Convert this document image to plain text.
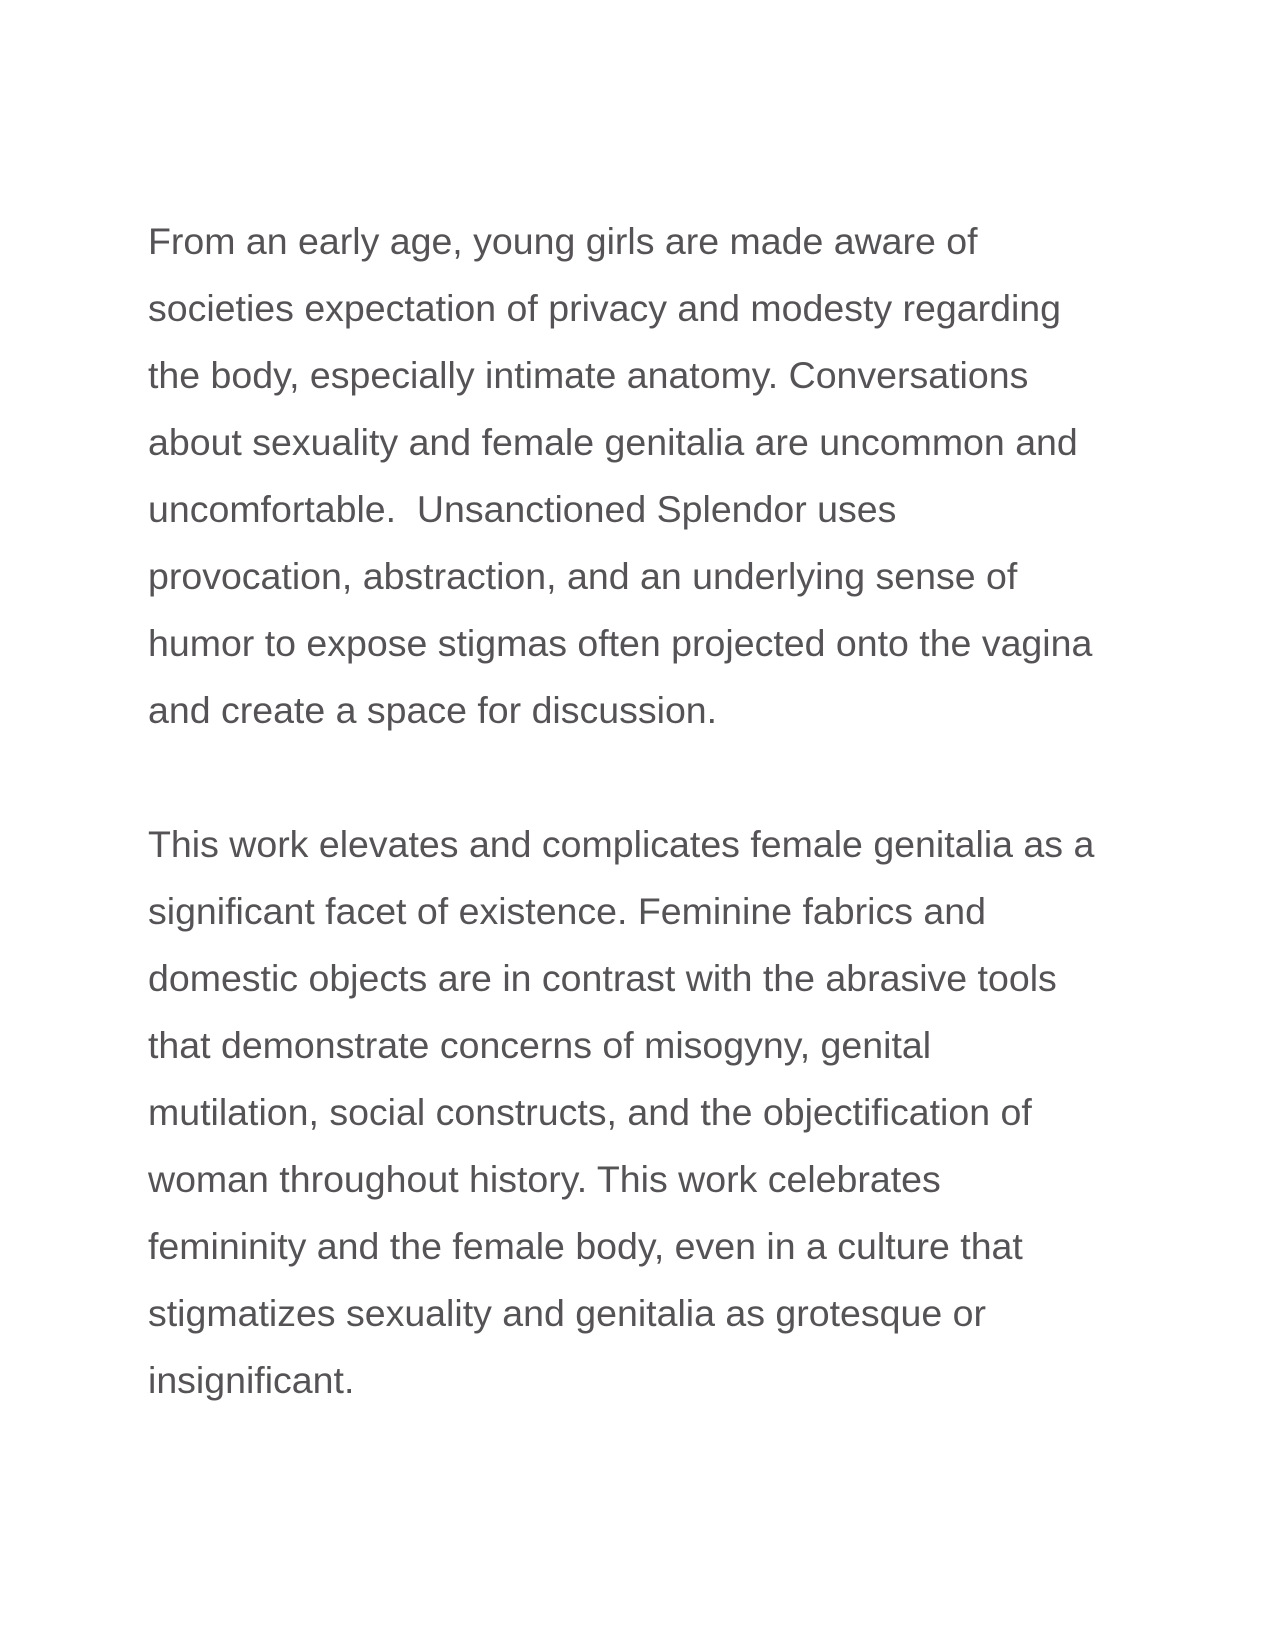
From an early age, young girls are made aware of
societies expectation of privacy and modesty regarding
the body, especially intimate anatomy. Conversations
about sexuality and female genitalia are uncommon and
uncomfortable.  Unsanctioned Splendor uses
provocation, abstraction, and an underlying sense of
humor to expose stigmas often projected onto the vagina
and create a space for discussion.
This work elevates and complicates female genitalia as a
significant facet of existence. Feminine fabrics and
domestic objects are in contrast with the abrasive tools
that demonstrate concerns of misogyny, genital
mutilation, social constructs, and the objectification of
woman throughout history. This work celebrates
femininity and the female body, even in a culture that
stigmatizes sexuality and genitalia as grotesque or
insignificant.
